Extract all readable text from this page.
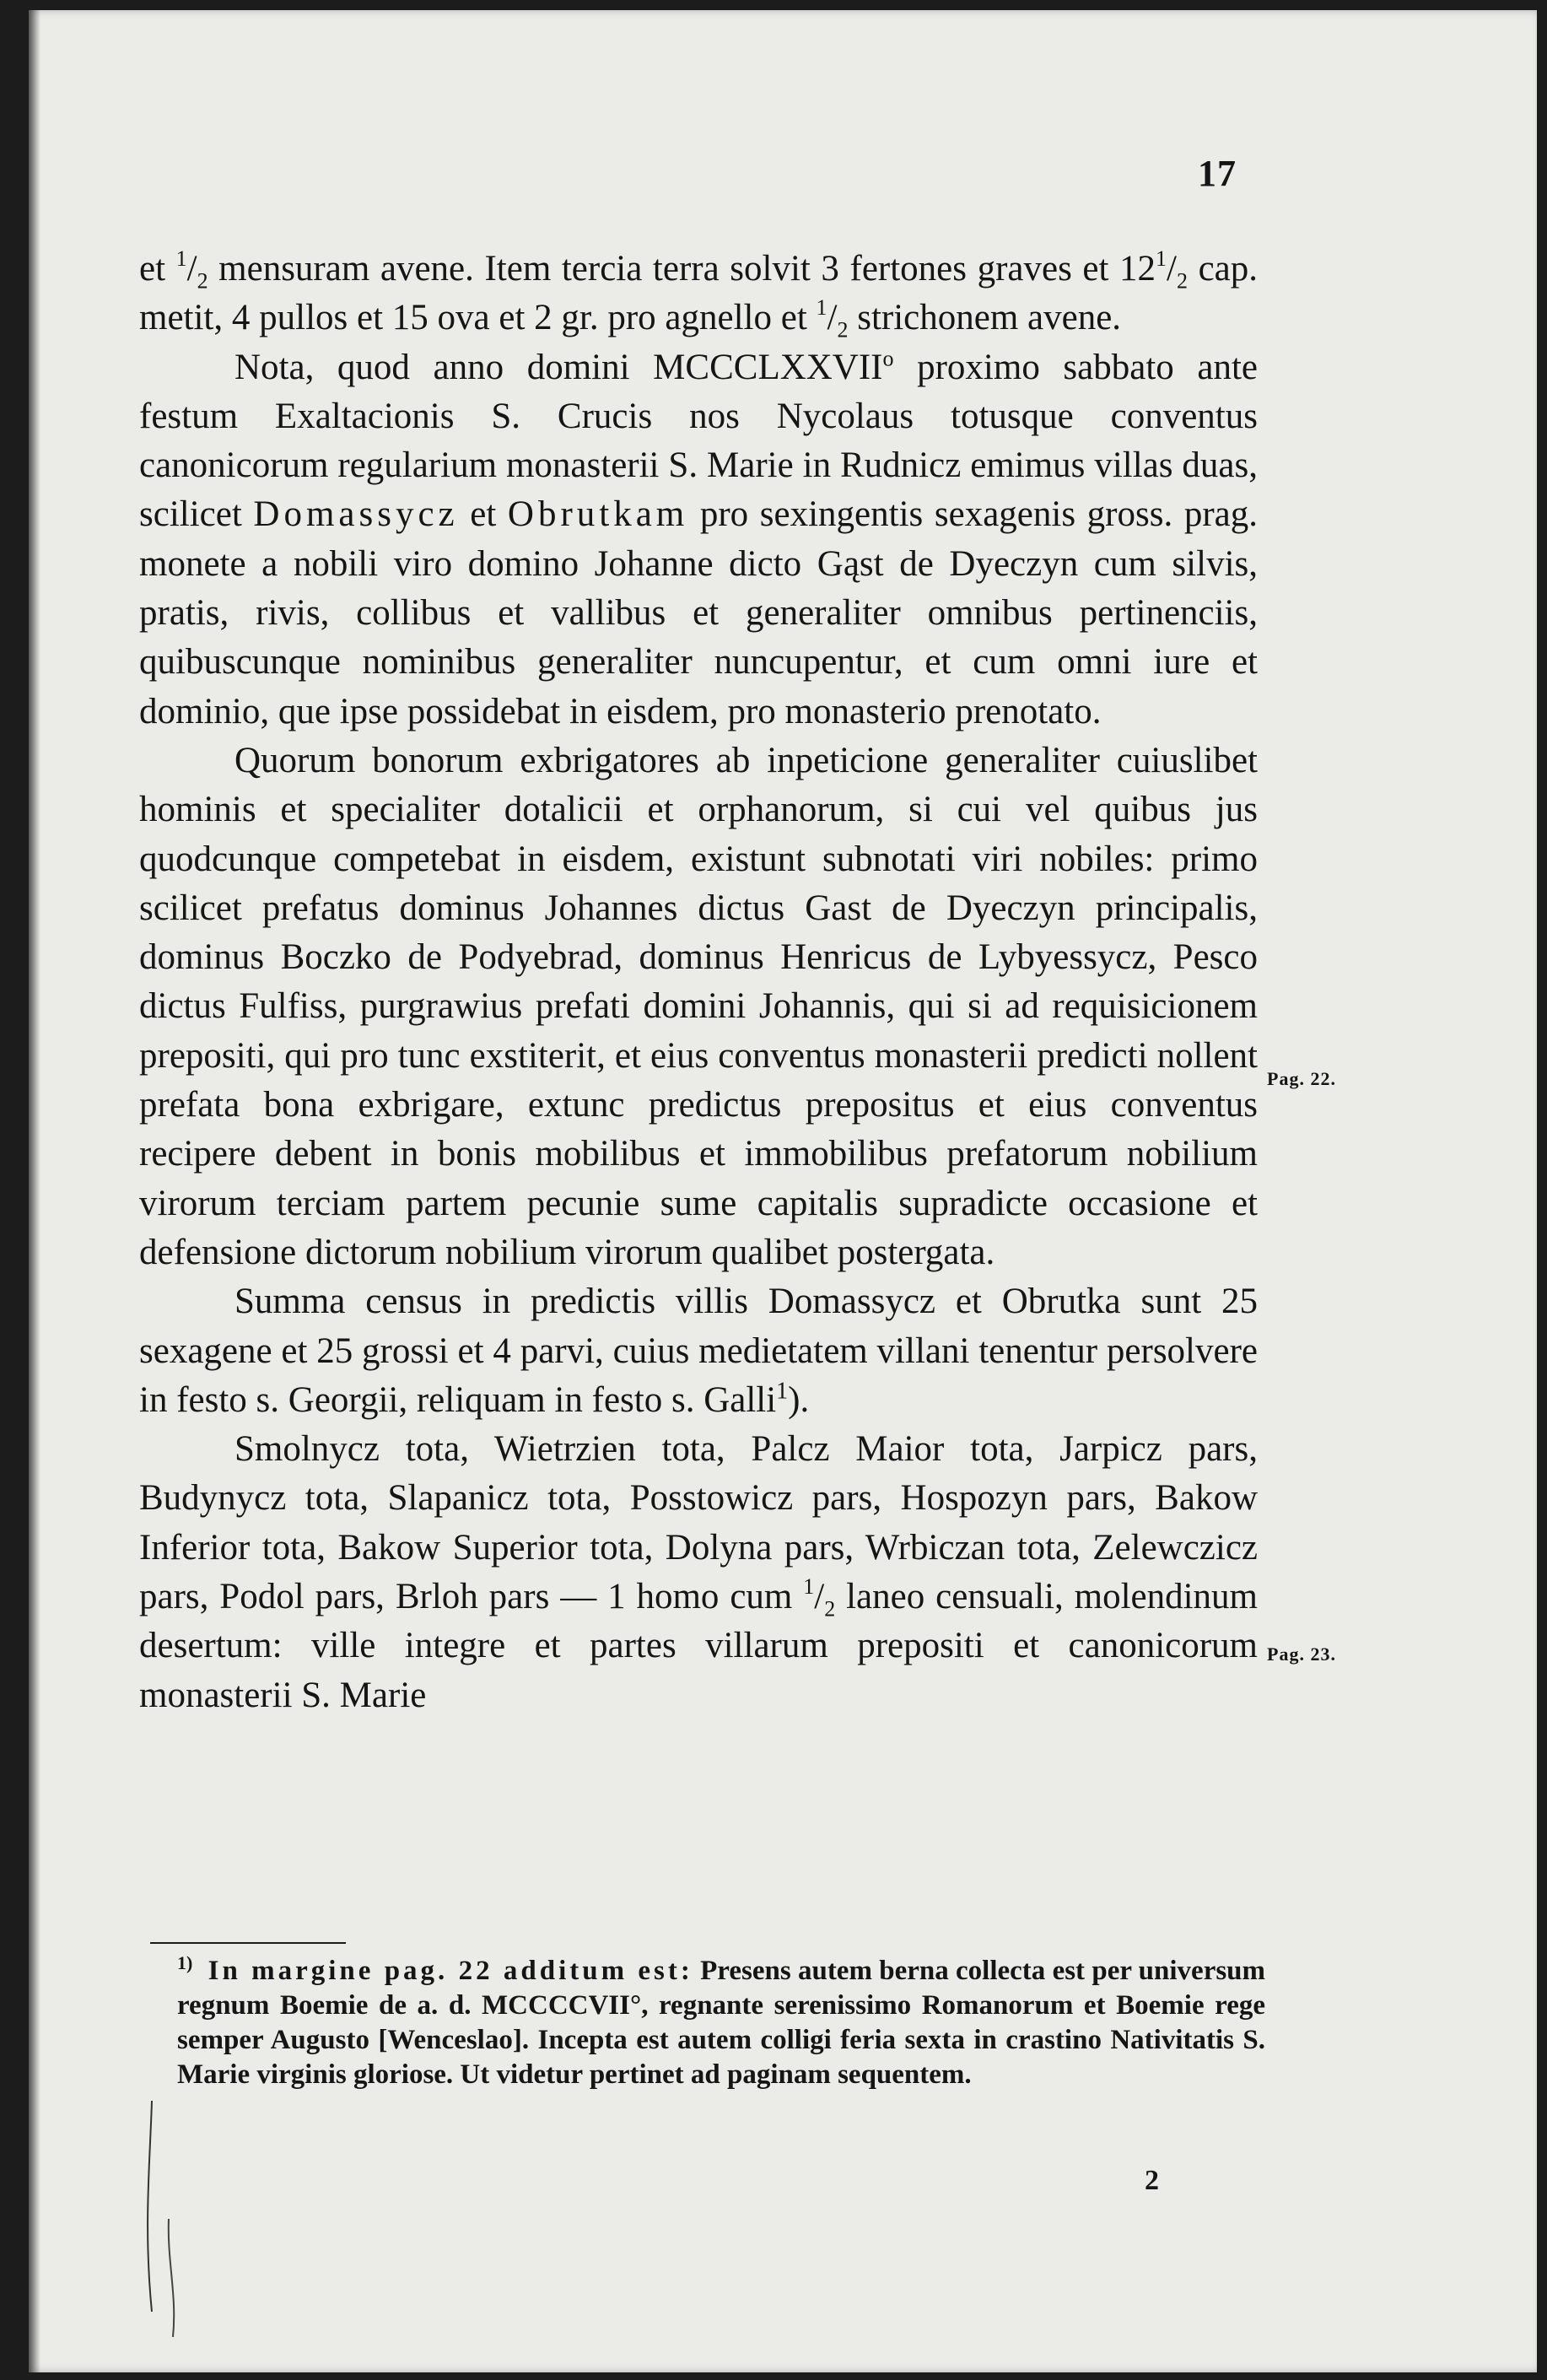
17

et $^1/_2$ mensuram avene. Item tercia terra solvit 3 fertones graves et $12^1/_2$ cap. metit, 4 pullos et 15 ova et 2 gr. pro agnello et $^1/_2$ strichonem avene.

Nota, quod anno domini MCCCLXXVII$^o$ proximo sabbato ante festum Exaltacionis S. Crucis nos Nycolaus totusque conventus canonicorum regularium monasterii S. Marie in Rudnicz emimus villas duas, scilicet Domassycz et Obrutkam pro sexingentis sexagenis gross. prag. monete a nobili viro domino Johanne dicto Gąst de Dyeczyn cum silvis, pratis, rivis, collibus et vallibus et generaliter omnibus pertinenciis, quibuscunque nominibus generaliter nuncupentur, et cum omni iure et dominio, que ipse possidebat in eisdem, pro monasterio prenotato.

Quorum bonorum exbrigatores ab inpeticione generaliter cuiuslibet hominis et specialiter dotalicii et orphanorum, si cui vel quibus jus quodcunque competebat in eisdem, existunt subnotati viri nobiles: primo scilicet prefatus dominus Johannes dictus Gast de Dyeczyn principalis, dominus Boczko de Podyebrad, dominus Henricus de Lybyessycz, Pesco dictus Fulfiss, purgrawius prefati domini Johannis, qui si ad requisicionem prepositi, qui pro tunc exstiterit, et eius conventus monasterii predicti nollent prefata bona exbrigare, extunc predictus prepositus et eius conventus recipere debent in bonis mobilibus et immobilibus prefatorum nobilium virorum terciam partem pecunie sume capitalis supradicte occasione et defensione dictorum nobilium virorum qualibet postergata.

Summa census in predictis villis Domassycz et Obrutka sunt 25 sexagene et 25 grossi et 4 parvi, cuius medietatem villani tenentur persolvere in festo s. Georgii, reliquam in festo s. Galli$^1$).

Smolnycz tota, Wietrzien tota, Palcz Maior tota, Jarpicz pars, Budynycz tota, Slapanicz tota, Posstowicz pars, Hospozyn pars, Bakow Inferior tota, Bakow Superior tota, Dolyna pars, Wrbiczan tota, Zelewczicz pars, Podol pars, Brloh pars — 1 homo cum $^1/_2$ laneo censuali, molendinum desertum: ville integre et partes villarum prepositi et canonicorum monasterii S. Marie

Pag. 22.
Pag. 23.

$^{1)}$ In margine pag. 22 additum est: Presens autem berna collecta est per universum regnum Boemie de a. d. MCCCCVII°, regnante serenissimo Romanorum et Boemie rege semper Augusto [Wenceslao]. Incepta est autem colligi feria sexta in crastino Nativitatis S. Marie virginis gloriose. Ut videtur pertinet ad paginam sequentem.

2
